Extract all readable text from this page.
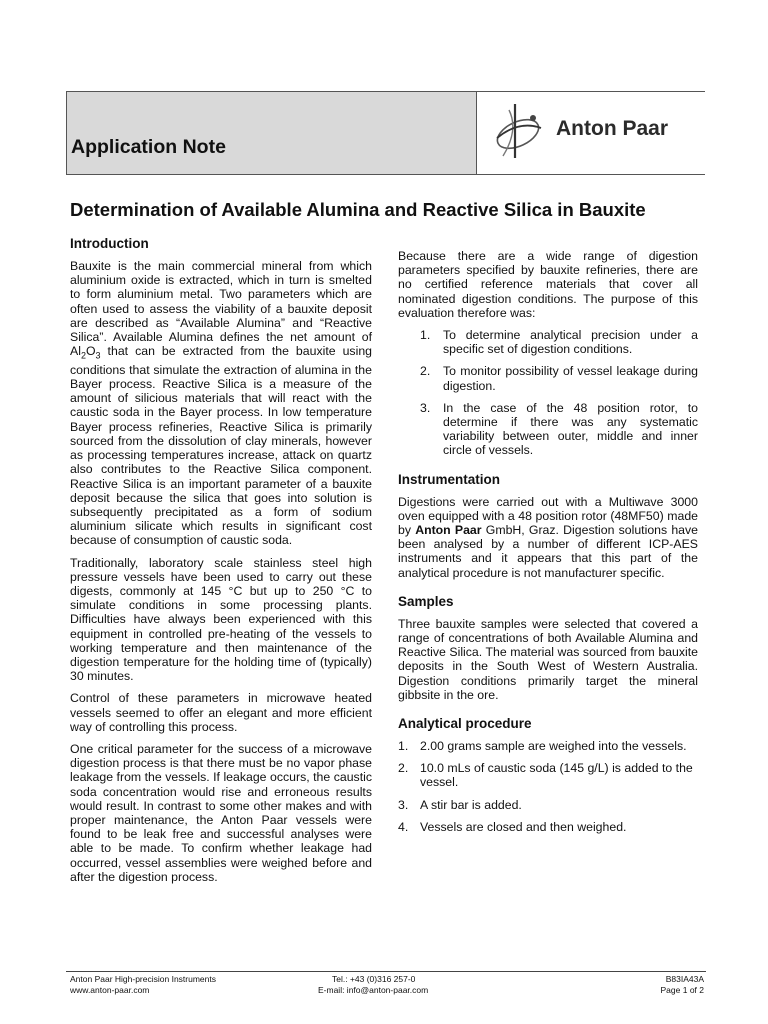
Application Note
Anton Paar
Determination of Available Alumina and Reactive Silica in Bauxite
Introduction

Bauxite is the main commercial mineral from which aluminium oxide is extracted, which in turn is smelted to form aluminium metal. Two parameters which are often used to assess the viability of a bauxite deposit are described as “Available Alumina” and “Reactive Silica”. Available Alumina defines the net amount of $Al_2O_3$ that can be extracted from the bauxite using conditions that simulate the extraction of alumina in the Bayer process. Reactive Silica is a measure of the amount of silicious materials that will react with the caustic soda in the Bayer process. In low temperature Bayer process refineries, Reactive Silica is primarily sourced from the dissolution of clay minerals, however as processing temperatures increase, attack on quartz also contributes to the Reactive Silica component. Reactive Silica is an important parameter of a bauxite deposit because the silica that goes into solution is subsequently precipitated as a form of sodium aluminium silicate which results in significant cost because of consumption of caustic soda.

Traditionally, laboratory scale stainless steel high pressure vessels have been used to carry out these digests, commonly at 145 °C but up to 250 °C to simulate conditions in some processing plants. Difficulties have always been experienced with this equipment in controlled pre-heating of the vessels to working temperature and then maintenance of the digestion temperature for the holding time of (typically) 30 minutes.

Control of these parameters in microwave heated vessels seemed to offer an elegant and more efficient way of controlling this process.

One critical parameter for the success of a microwave digestion process is that there must be no vapor phase leakage from the vessels. If leakage occurs, the caustic soda concentration would rise and erroneous results would result. In contrast to some other makes and with proper maintenance, the Anton Paar vessels were found to be leak free and successful analyses were able to be made. To confirm whether leakage had occurred, vessel assemblies were weighed before and after the digestion process.

Because there are a wide range of digestion parameters specified by bauxite refineries, there are no certified reference materials that cover all nominated digestion conditions. The purpose of this evaluation therefore was:

1. To determine analytical precision under a specific set of digestion conditions.
2. To monitor possibility of vessel leakage during digestion.
3. In the case of the 48 position rotor, to determine if there was any systematic variability between outer, middle and inner circle of vessels.
Instrumentation

Digestions were carried out with a Multiwave 3000 oven equipped with a 48 position rotor (48MF50) made by Anton Paar GmbH, Graz. Digestion solutions have been analysed by a number of different ICP-AES instruments and it appears that this part of the analytical procedure is not manufacturer specific.

Samples

Three bauxite samples were selected that covered a range of concentrations of both Available Alumina and Reactive Silica. The material was sourced from bauxite deposits in the South West of Western Australia. Digestion conditions primarily target the mineral gibbsite in the ore.

Analytical procedure
1. 2.00 grams sample are weighed into the vessels.
2. 10.0 mLs of caustic soda (145 g/L) is added to the vessel.
3. A stir bar is added.
4. Vessels are closed and then weighed.
Anton Paar High-precision Instruments
www.anton-paar.com
Tel.: +43 (0)316 257-0
E-mail: info@anton-paar.com
B83IA43A
Page 1 of 2
